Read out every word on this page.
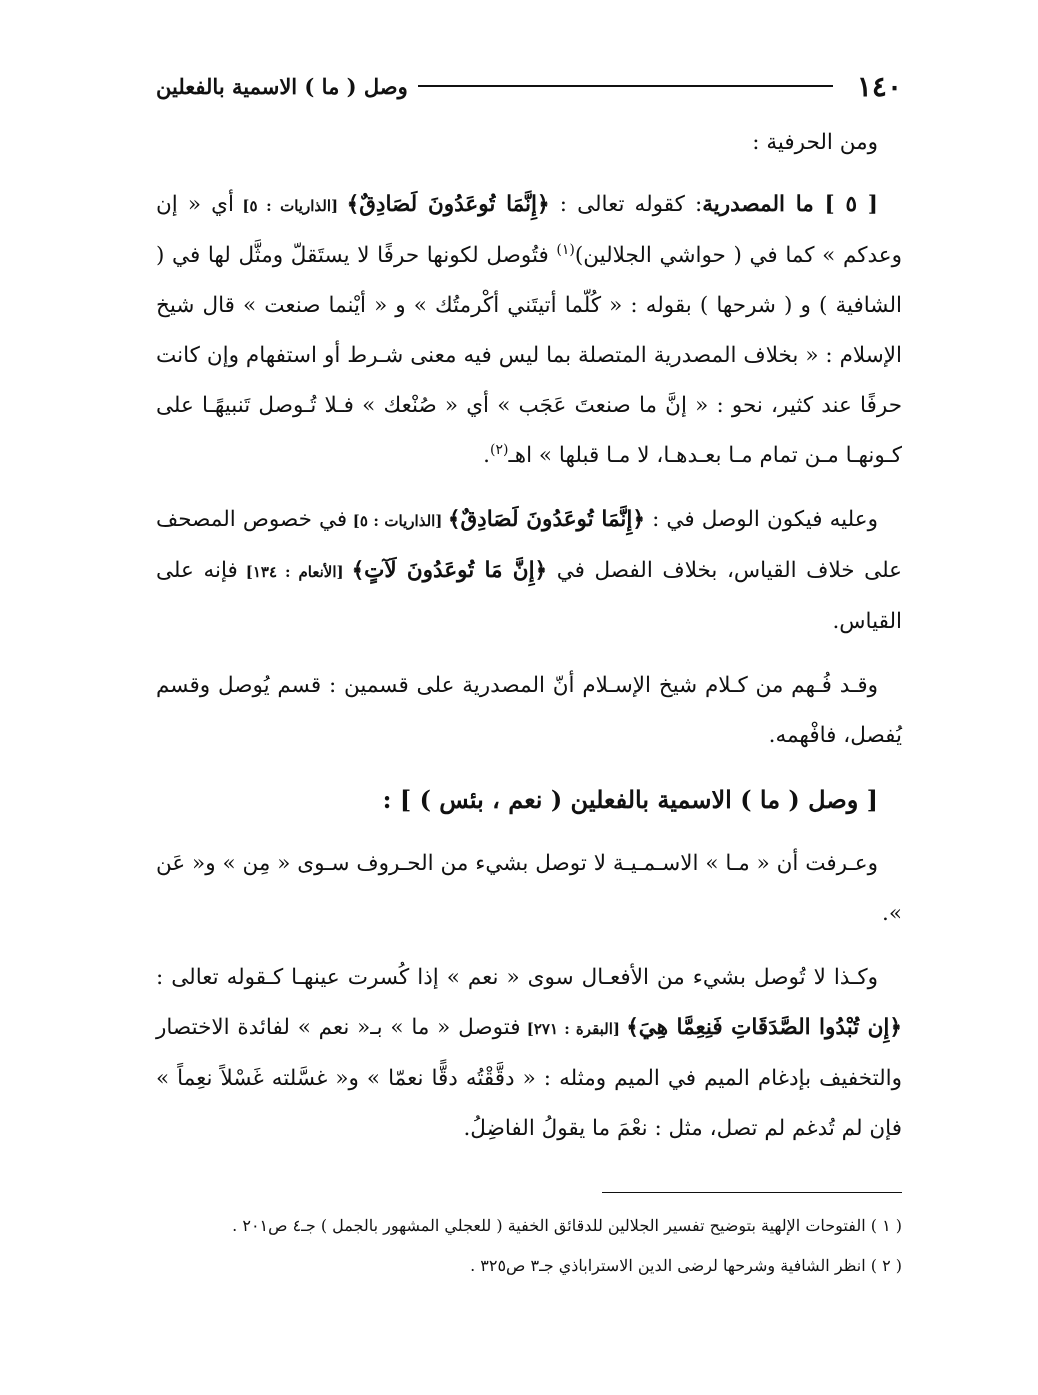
١٤٠
وصل ( ما ) الاسمية بالفعلين

ومن الحرفية :

[ ٥ ] ما المصدرية: كقوله تعالى : ﴿إِنَّمَا تُوعَدُونَ لَصَادِقٌ﴾ [الذاريات : ٥] أي « إن وعدكم » كما في ( حواشي الجلالين)$^{(١)}$ فتُوصل لكونها حرفًا لا يستَقلّ ومثَّل لها في ( الشافية ) و ( شرحها ) بقوله : « كُلّما أتيتَني أكْرمتُك » و « أيْنما صنعت » قال شيخ الإسلام : « بخلاف المصدرية المتصلة بما ليس فيه معنى شـرط أو استفهام وإن كانت حرفًا عند كثير، نحو : « إنَّ ما صنعتَ عَجَب » أي « صُنْعك » فـلا تُـوصل تَنبيهًـا على كـونهـا مـن تمام مـا بعـدهـا، لا مـا قبلها » اهـ$^{(٢)}$.

وعليه فيكون الوصل في : ﴿إِنَّمَا تُوعَدُونَ لَصَادِقٌ﴾ [الذاريات : ٥] في خصوص المصحف على خلاف القياس، بخلاف الفصل في ﴿إِنَّ مَا تُوعَدُونَ لَآتٍ﴾ [الأنعام : ١٣٤] فإنه على القياس.

وقـد فُـهم من كـلام شيخ الإسـلام أنّ المصدرية على قسمين : قسم يُوصل وقسم يُفصل، فافْهمه.

[ وصل ( ما ) الاسمية بالفعلين ( نعم ، بئس ) ] :

وعـرفت أن « مـا » الاسـمـيـة لا توصل بشيء من الحـروف سـوى « مِن » و« عَن ».

وكـذا لا تُوصل بشيء من الأفعـال سوى « نعم » إذا كُسرت عينهـا كـقوله تعالى : ﴿إِن تُبْدُوا الصَّدَقَاتِ فَنِعِمَّا هِيَ﴾ [البقرة : ٢٧١] فتوصل « ما » بـ« نعم » لفائدة الاختصار والتخفيف بإدغام الميم في الميم ومثله : « دقَّقْتُه دقًّا نعمّا » و« غسَّلته غَسْلاً نعِماً » فإن لم تُدغم لم تصل، مثل : نعْمَ ما يقولُ الفاضِلُ.

( ١ ) الفتوحات الإلهية بتوضيح تفسير الجلالين للدقائق الخفية ( للعجلي المشهور بالجمل ) جـ٤ ص٢٠١ .

( ٢ ) انظر الشافية وشرحها لرضى الدين الاستراباذي جـ٣ ص٣٢٥ .
